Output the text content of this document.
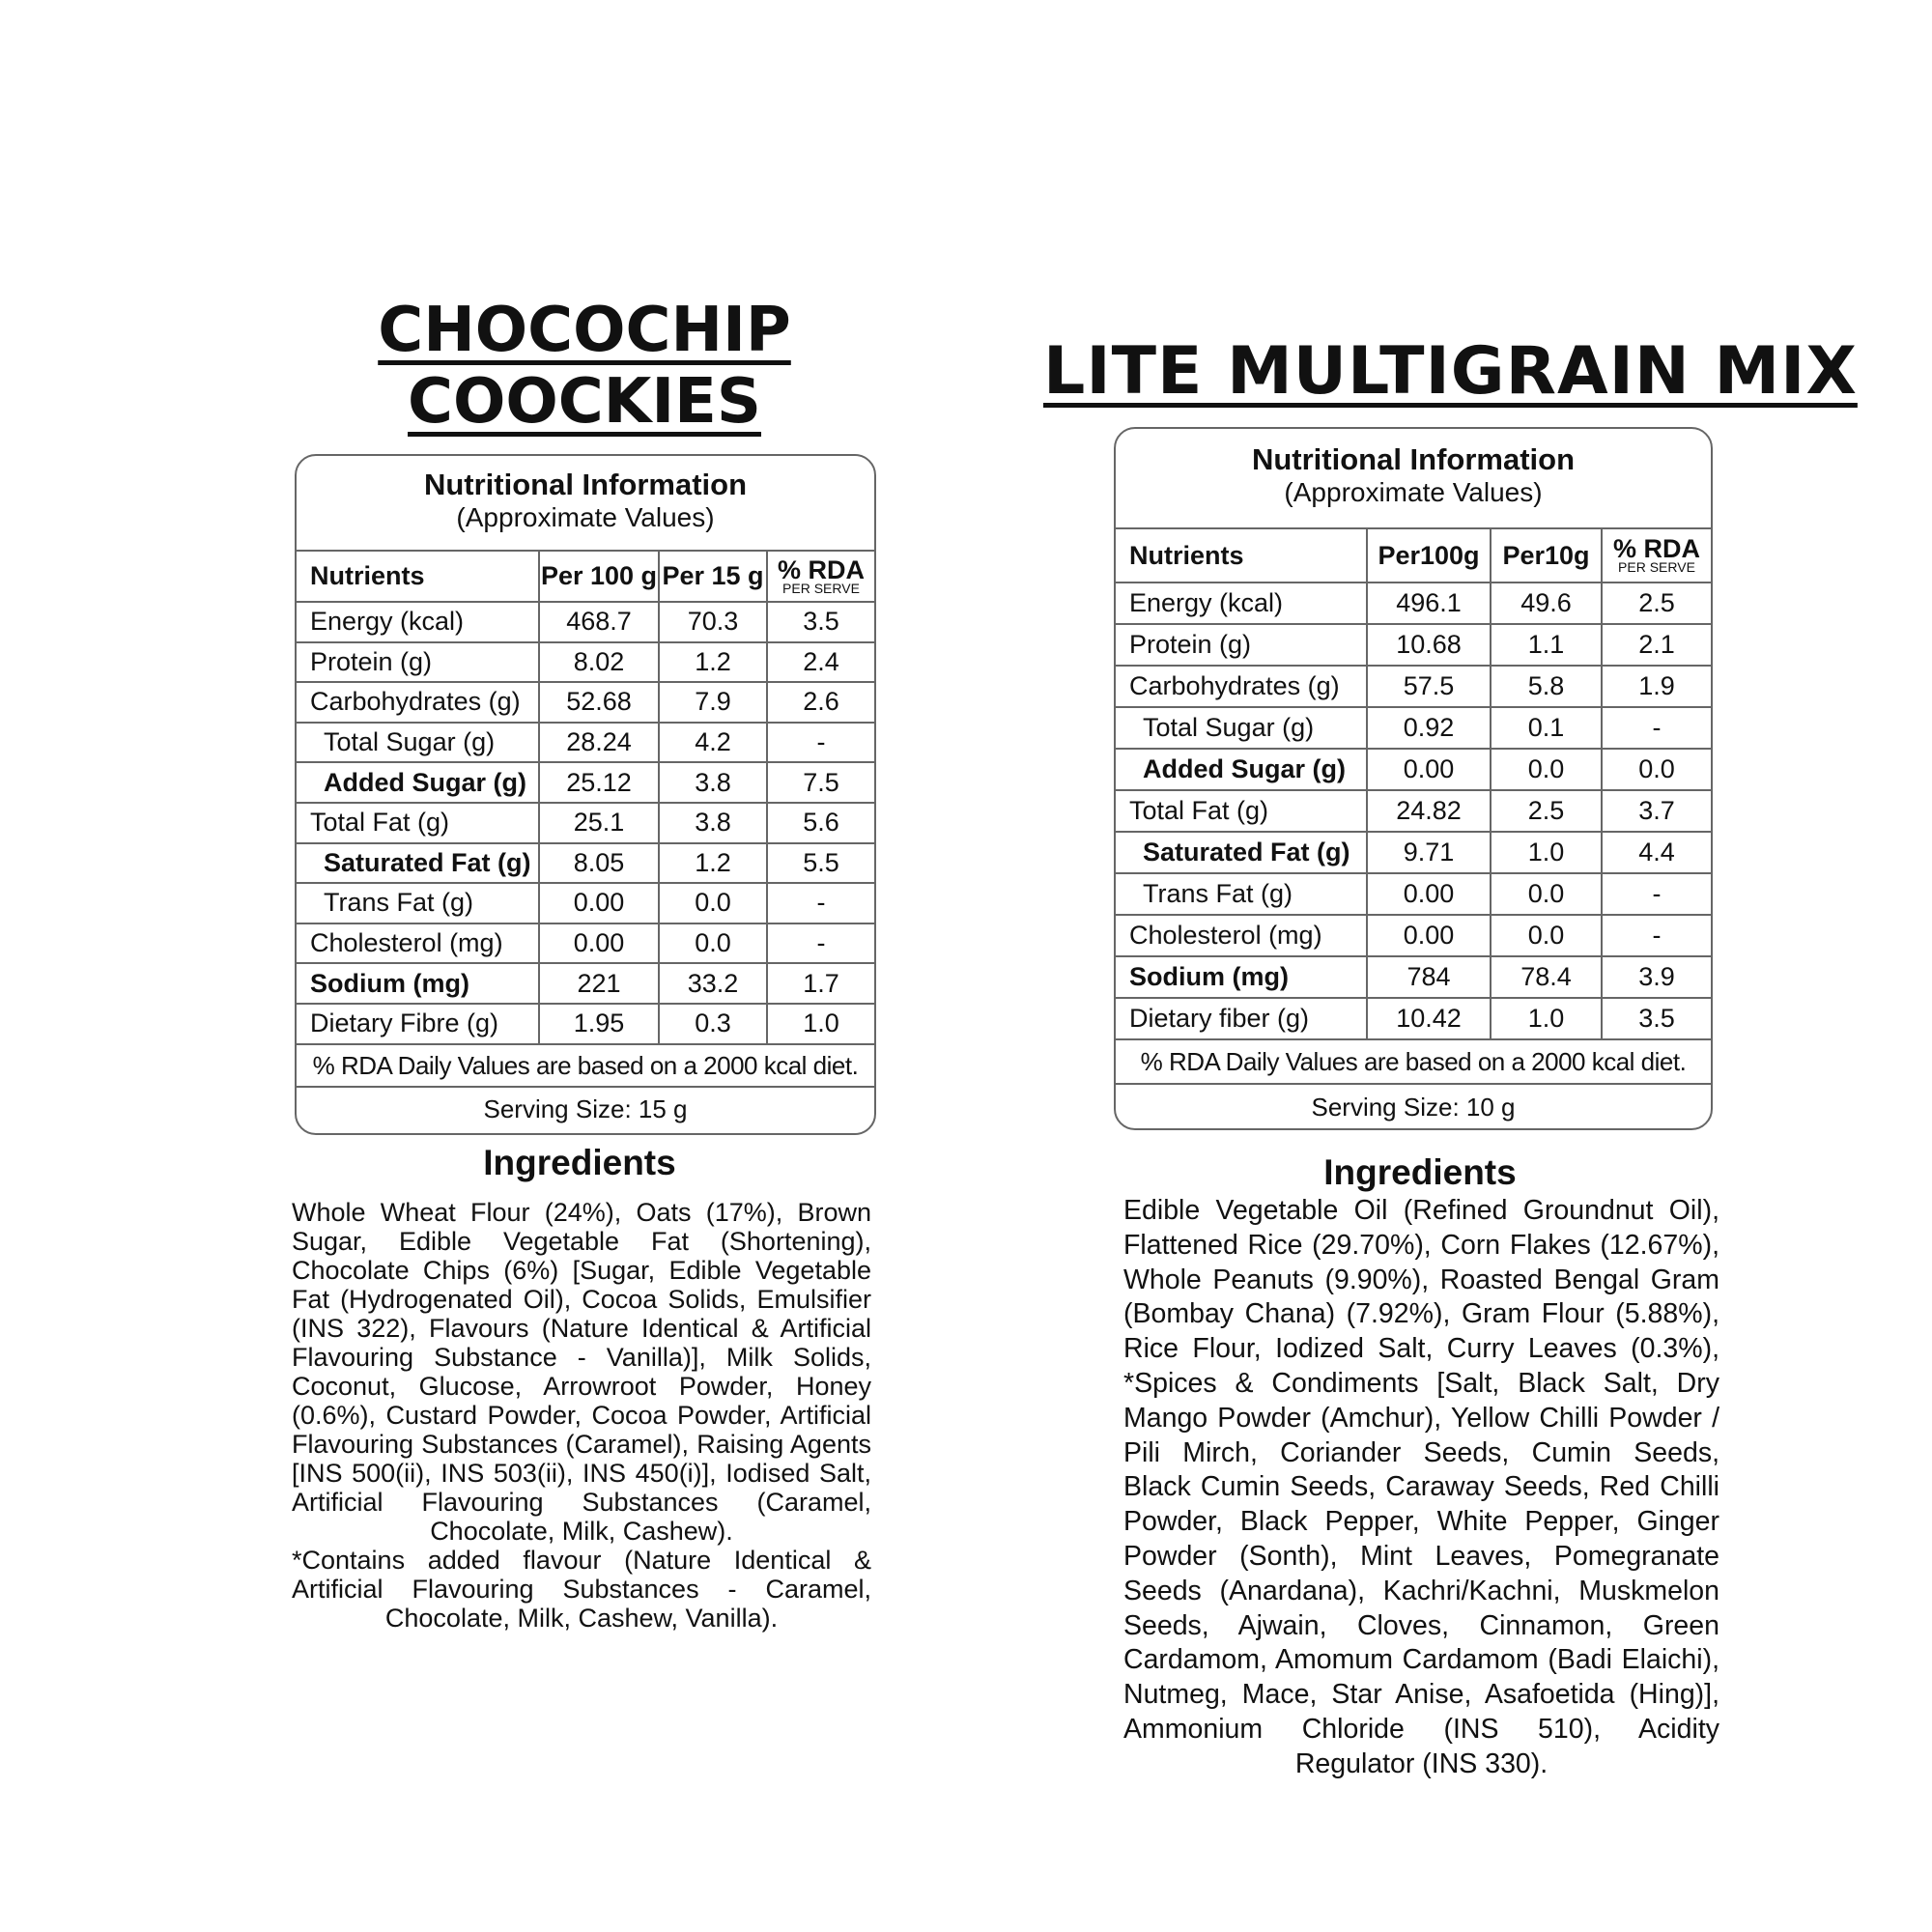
CHOCOCHIP

COOCKIES

Nutritional Information
(Approximate Values)
Nutrients	Per 100 g	Per 15 g	% RDA
PER SERVE

Energy (kcal)	468.7	70.3	3.5
Protein (g)	8.02	1.2	2.4
Carbohydrates (g)	52.68	7.9	2.6
Total Sugar (g)	28.24	4.2	-
Added Sugar (g)	25.12	3.8	7.5
Total Fat (g)	25.1	3.8	5.6
Saturated Fat (g)	8.05	1.2	5.5
Trans Fat (g)	0.00	0.0	-
Cholesterol (mg)	0.00	0.0	-
Sodium (mg)	221	33.2	1.7
Dietary Fibre (g)	1.95	0.3	1.0
% RDA Daily Values are based on a 2000 kcal diet.
Serving Size: 15 g

Ingredients

Whole Wheat Flour (24%), Oats (17%), Brown Sugar, Edible Vegetable Fat (Shortening), Chocolate Chips (6%) [Sugar, Edible Vegetable Fat (Hydrogenated Oil), Cocoa Solids, Emulsifier (INS 322), Flavours (Nature Identical & Artificial Flavouring Substance - Vanilla)], Milk Solids, Coconut, Glucose, Arrowroot Powder, Honey (0.6%), Custard Powder, Cocoa Powder, Artificial Flavouring Substances (Caramel), Raising Agents [INS 500(ii), INS 503(ii), INS 450(i)], Iodised Salt, Artificial Flavouring Substances (Caramel, Chocolate, Milk, Cashew).

*Contains added flavour (Nature Identical & Artificial Flavouring Substances - Caramel, Chocolate, Milk, Cashew, Vanilla).

LITE MULTIGRAIN MIX

Nutritional Information
(Approximate Values)
Nutrients	Per100g	Per10g	% RDA
PER SERVE

Energy (kcal)	496.1	49.6	2.5
Protein (g)	10.68	1.1	2.1
Carbohydrates (g)	57.5	5.8	1.9
Total Sugar (g)	0.92	0.1	-
Added Sugar (g)	0.00	0.0	0.0
Total Fat (g)	24.82	2.5	3.7
Saturated Fat (g)	9.71	1.0	4.4
Trans Fat (g)	0.00	0.0	-
Cholesterol (mg)	0.00	0.0	-
Sodium (mg)	784	78.4	3.9
Dietary fiber (g)	10.42	1.0	3.5
% RDA Daily Values are based on a 2000 kcal diet.
Serving Size: 10 g

Ingredients

Edible Vegetable Oil (Refined Groundnut Oil), Flattened Rice (29.70%), Corn Flakes (12.67%), Whole Peanuts (9.90%), Roasted Bengal Gram (Bombay Chana) (7.92%), Gram Flour (5.88%), Rice Flour, Iodized Salt, Curry Leaves (0.3%), *Spices & Condiments [Salt, Black Salt, Dry Mango Powder (Amchur), Yellow Chilli Powder / Pili Mirch, Coriander Seeds, Cumin Seeds, Black Cumin Seeds, Caraway Seeds, Red Chilli Powder, Black Pepper, White Pepper, Ginger Powder (Sonth), Mint Leaves, Pomegranate Seeds (Anardana), Kachri/Kachni, Muskmelon Seeds, Ajwain, Cloves, Cinnamon, Green Cardamom, Amomum Cardamom (Badi Elaichi), Nutmeg, Mace, Star Anise, Asafoetida (Hing)], Ammonium Chloride (INS 510), Acidity Regulator (INS 330).
